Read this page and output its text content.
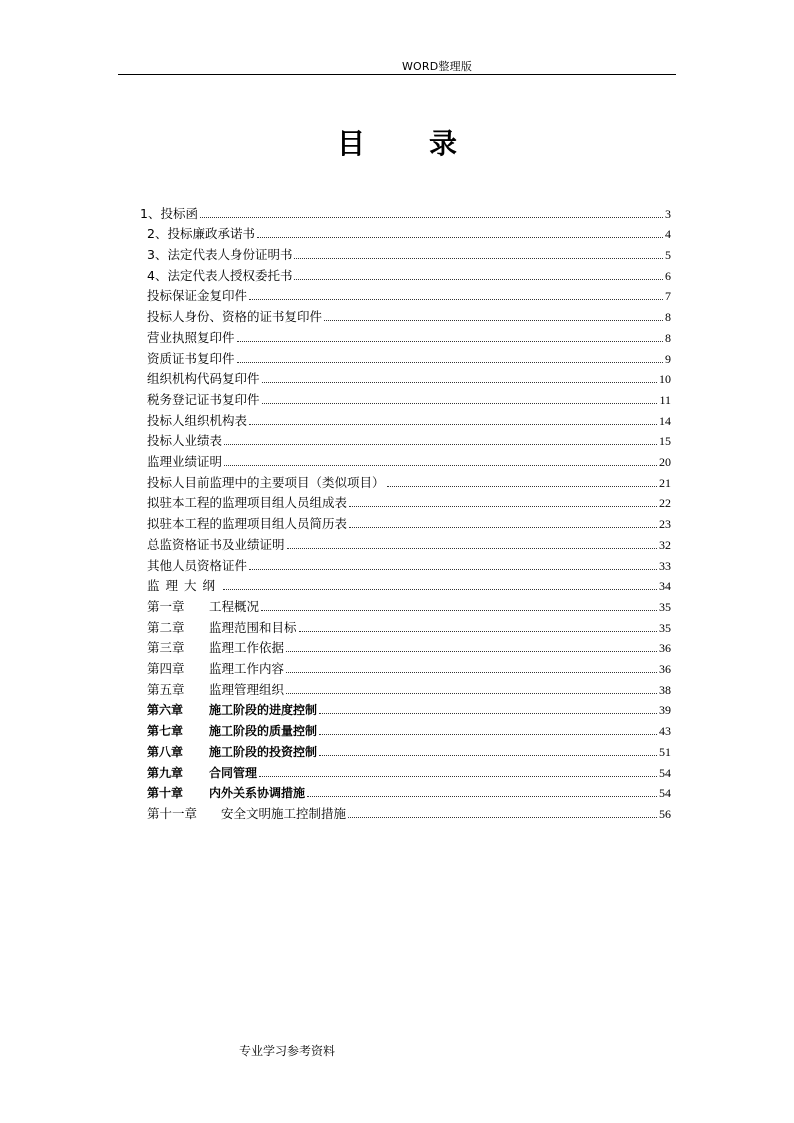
WORD整理版
目录
1、投标函	3
2、投标廉政承诺书	4
3、法定代表人身份证明书	5
4、法定代表人授权委托书	6
投标保证金复印件	7
投标人身份、资格的证书复印件	8
营业执照复印件	8
资质证书复印件	9
组织机构代码复印件	10
税务登记证书复印件	11
投标人组织机构表	14
投标人业绩表	15
监理业绩证明	20
投标人目前监理中的主要项目（类似项目）	21
拟驻本工程的监理项目组人员组成表	22
拟驻本工程的监理项目组人员简历表	23
总监资格证书及业绩证明	32
其他人员资格证件	33
监理大纲	34
第一章	工程概况	35
第二章	监理范围和目标	35
第三章	监理工作依据	36
第四章	监理工作内容	36
第五章	监理管理组织	38
第六章	施工阶段的进度控制	39
第七章	施工阶段的质量控制	43
第八章	施工阶段的投资控制	51
第九章	合同管理	54
第十章	内外关系协调措施	54
第十一章	安全文明施工控制措施	56
专业学习参考资料
